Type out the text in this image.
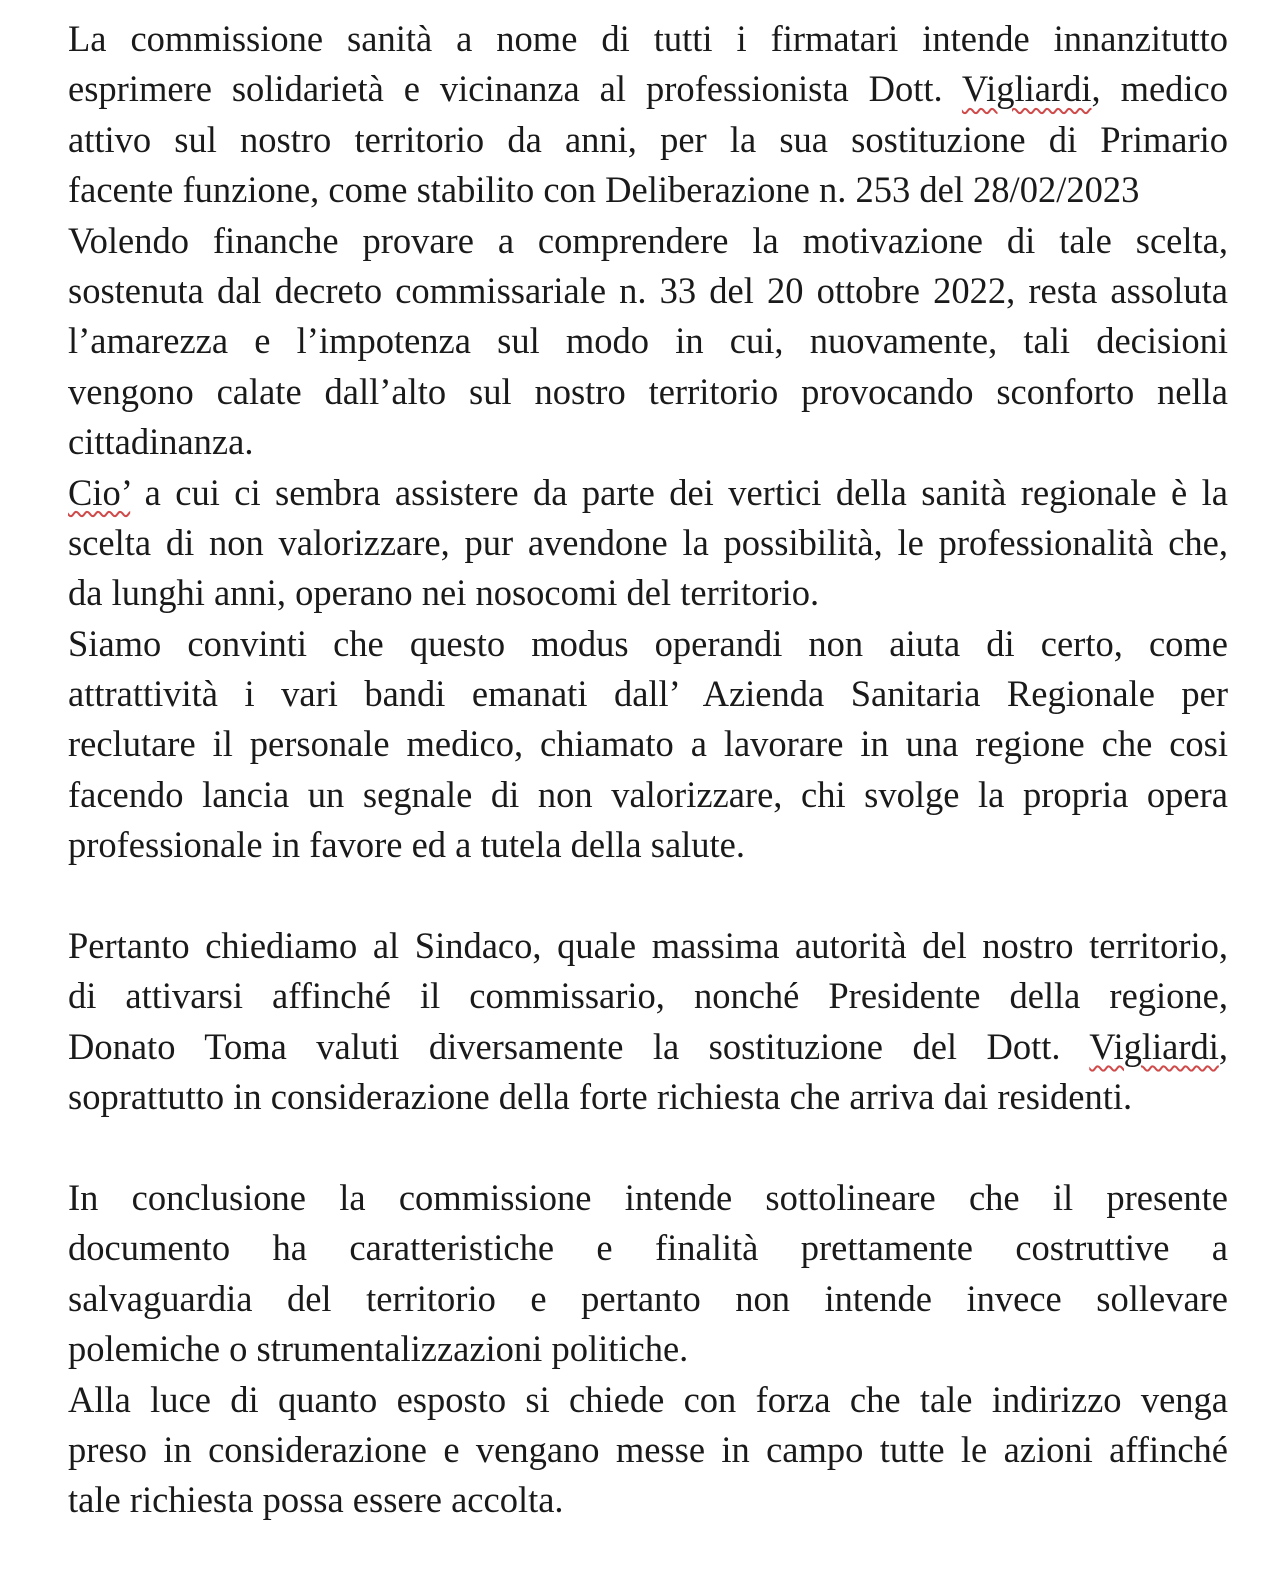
La commissione sanità a nome di tutti i firmatari intende innanzitutto
esprimere solidarietà e vicinanza al professionista Dott. Vigliardi, medico
attivo sul nostro territorio da anni, per la sua sostituzione di Primario
facente funzione, come stabilito con Deliberazione n. 253 del 28/02/2023
Volendo finanche provare a comprendere la motivazione di tale scelta,
sostenuta dal decreto commissariale n. 33 del 20 ottobre 2022, resta assoluta
l’amarezza e l’impotenza sul modo in cui, nuovamente, tali decisioni
vengono calate dall’alto sul nostro territorio provocando sconforto nella
cittadinanza.
Cio’ a cui ci sembra assistere da parte dei vertici della sanità regionale è la
scelta di non valorizzare, pur avendone la possibilità, le professionalità che,
da lunghi anni, operano nei nosocomi del territorio.
Siamo convinti che questo modus operandi non aiuta di certo, come
attrattività i vari bandi emanati dall’ Azienda Sanitaria Regionale per
reclutare il personale medico, chiamato a lavorare in una regione che cosi
facendo lancia un segnale di non valorizzare, chi svolge la propria opera
professionale in favore ed a tutela della salute.
Pertanto chiediamo al Sindaco, quale massima autorità del nostro territorio,
di attivarsi affinché il commissario, nonché Presidente della regione,
Donato Toma valuti diversamente la sostituzione del Dott. Vigliardi,
soprattutto in considerazione della forte richiesta che arriva dai residenti.
In conclusione la commissione intende sottolineare che il presente
documento ha caratteristiche e finalità prettamente costruttive a
salvaguardia del territorio e pertanto non intende invece sollevare
polemiche o strumentalizzazioni politiche.
Alla luce di quanto esposto si chiede con forza che tale indirizzo venga
preso in considerazione e vengano messe in campo tutte le azioni affinché
tale richiesta possa essere accolta.
